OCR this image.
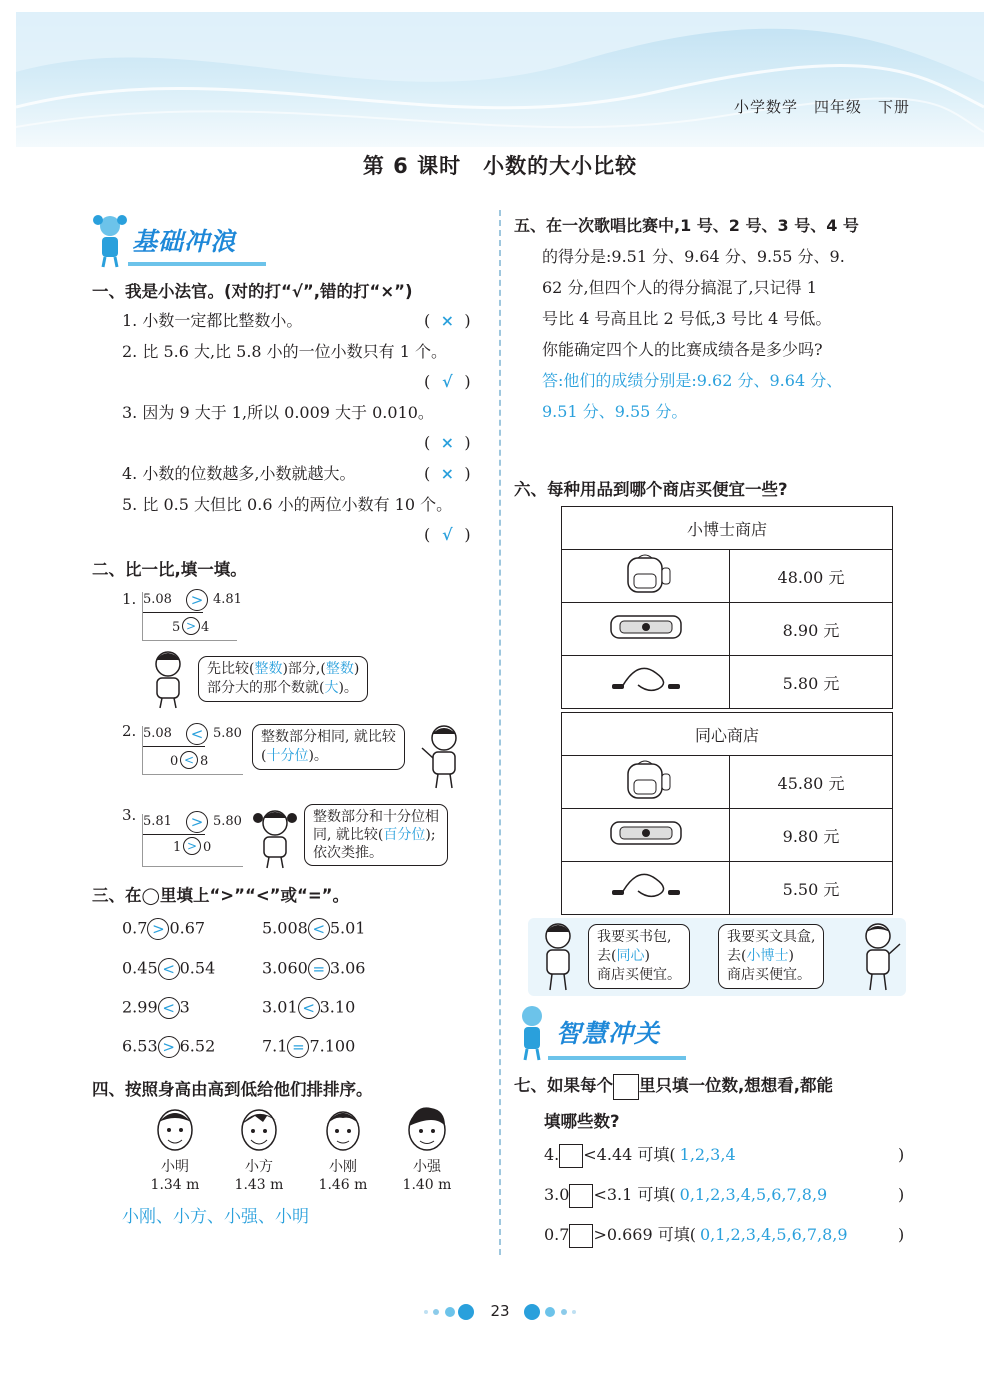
小学数学　四年级　下册
第 6 课时　小数的大小比较
基础冲浪
一、我是小法官。(对的打“√”,错的打“×”)
1. 小数一定都比整数小。	( × )
2. 比 5.6 大,比 5.8 小的一位小数只有 1 个。
( √ )
3. 因为 9 大于 1,所以 0.009 大于 0.010。
( × )
4. 小数的位数越多,小数就越大。	( × )
5. 比 0.5 大但比 0.6 小的两位小数有 10 个。
( √ )
二、比一比,填一填。
1. 5.08	> 4.81
5 > 4
先比较(整数)部分,(整数)
部分大的那个数就(大)。
2. 5.08	< 5.80
0 < 8
整数部分相同, 就比较
(十分位)。
3. 5.81	> 5.80
1 > 0
整数部分和十分位相
同, 就比较(百分位);
依次类推。
三、在◯里填上“>”“<”或“=”。
0.7 > 0.67	5.008 < 5.01
0.45 < 0.54	3.060 = 3.06
2.99 < 3	3.01 < 3.10
6.53 > 6.52	7.1 = 7.100
四、按照身高由高到低给他们排排序。
小明
1.34 m
小方
1.43 m
小刚
1.46 m
小强
1.40 m
小刚、小方、小强、小明
五、在一次歌唱比赛中,1 号、2 号、3 号、4 号
的得分是:9.51 分、9.64 分、9.55 分、9.
62 分,但四个人的得分搞混了,只记得 1
号比 4 号高且比 2 号低,3 号比 4 号低。
你能确定四个人的比赛成绩各是多少吗?
答:他们的成绩分别是:9.62 分、9.64 分、
9.51 分、9.55 分。
六、每种用品到哪个商店买便宜一些?
小博士商店	
	48.00 元
	8.90 元
	5.80 元
同心商店	
	45.80 元
	9.80 元
	5.50 元
我要买书包,
去(同心)
商店买便宜。
我要买文具盒,
去(小博士)
商店买便宜。
智慧冲关
七、如果每个 里只填一位数,想想看,都能
填哪些数?
4. <4.44 可填( 1,2,3,4	)
3.0 <3.1 可填( 0,1,2,3,4,5,6,7,8,9	)
0.7 >0.669 可填( 0,1,2,3,4,5,6,7,8,9	)
23
